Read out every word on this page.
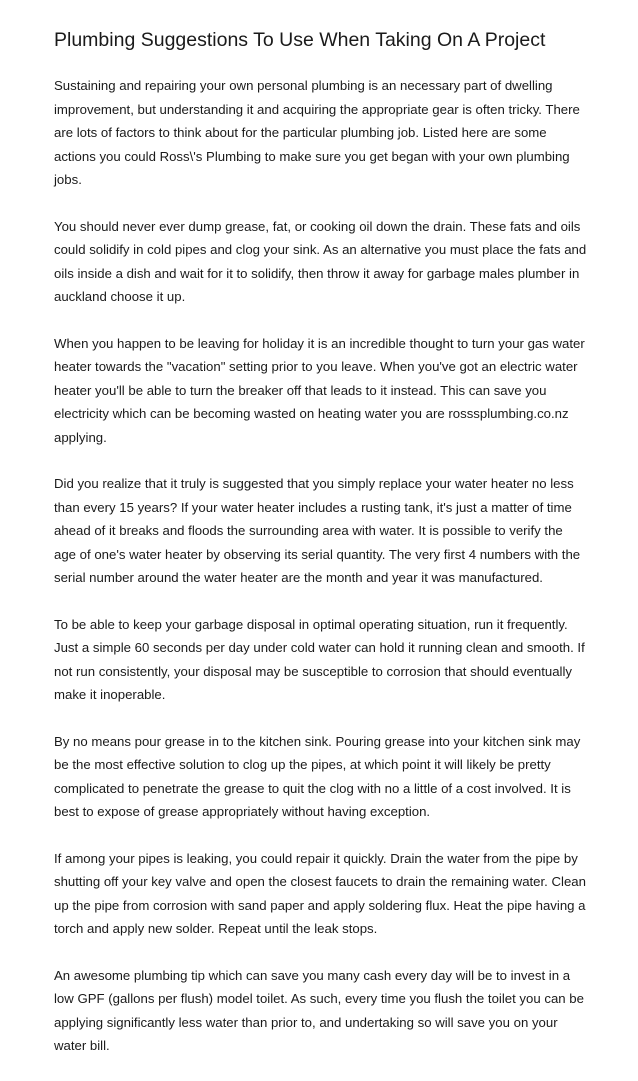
Plumbing Suggestions To Use When Taking On A Project

Sustaining and repairing your own personal plumbing is an necessary part of dwelling improvement, but understanding it and acquiring the appropriate gear is often tricky. There are lots of factors to think about for the particular plumbing job. Listed here are some actions you could Ross\'s Plumbing to make sure you get began with your own plumbing jobs.

You should never ever dump grease, fat, or cooking oil down the drain. These fats and oils could solidify in cold pipes and clog your sink. As an alternative you must place the fats and oils inside a dish and wait for it to solidify, then throw it away for garbage males plumber in auckland choose it up.

When you happen to be leaving for holiday it is an incredible thought to turn your gas water heater towards the "vacation" setting prior to you leave. When you've got an electric water heater you'll be able to turn the breaker off that leads to it instead. This can save you electricity which can be becoming wasted on heating water you are rosssplumbing.co.nz applying.

Did you realize that it truly is suggested that you simply replace your water heater no less than every 15 years? If your water heater includes a rusting tank, it's just a matter of time ahead of it breaks and floods the surrounding area with water. It is possible to verify the age of one's water heater by observing its serial quantity. The very first 4 numbers with the serial number around the water heater are the month and year it was manufactured.

To be able to keep your garbage disposal in optimal operating situation, run it frequently. Just a simple 60 seconds per day under cold water can hold it running clean and smooth. If not run consistently, your disposal may be susceptible to corrosion that should eventually make it inoperable.

By no means pour grease in to the kitchen sink. Pouring grease into your kitchen sink may be the most effective solution to clog up the pipes, at which point it will likely be pretty complicated to penetrate the grease to quit the clog with no a little of a cost involved. It is best to expose of grease appropriately without having exception.

If among your pipes is leaking, you could repair it quickly. Drain the water from the pipe by shutting off your key valve and open the closest faucets to drain the remaining water. Clean up the pipe from corrosion with sand paper and apply soldering flux. Heat the pipe having a torch and apply new solder. Repeat until the leak stops.

An awesome plumbing tip which can save you many cash every day will be to invest in a low GPF (gallons per flush) model toilet. As such, every time you flush the toilet you can be applying significantly less water than prior to, and undertaking so will save you on your water bill.
